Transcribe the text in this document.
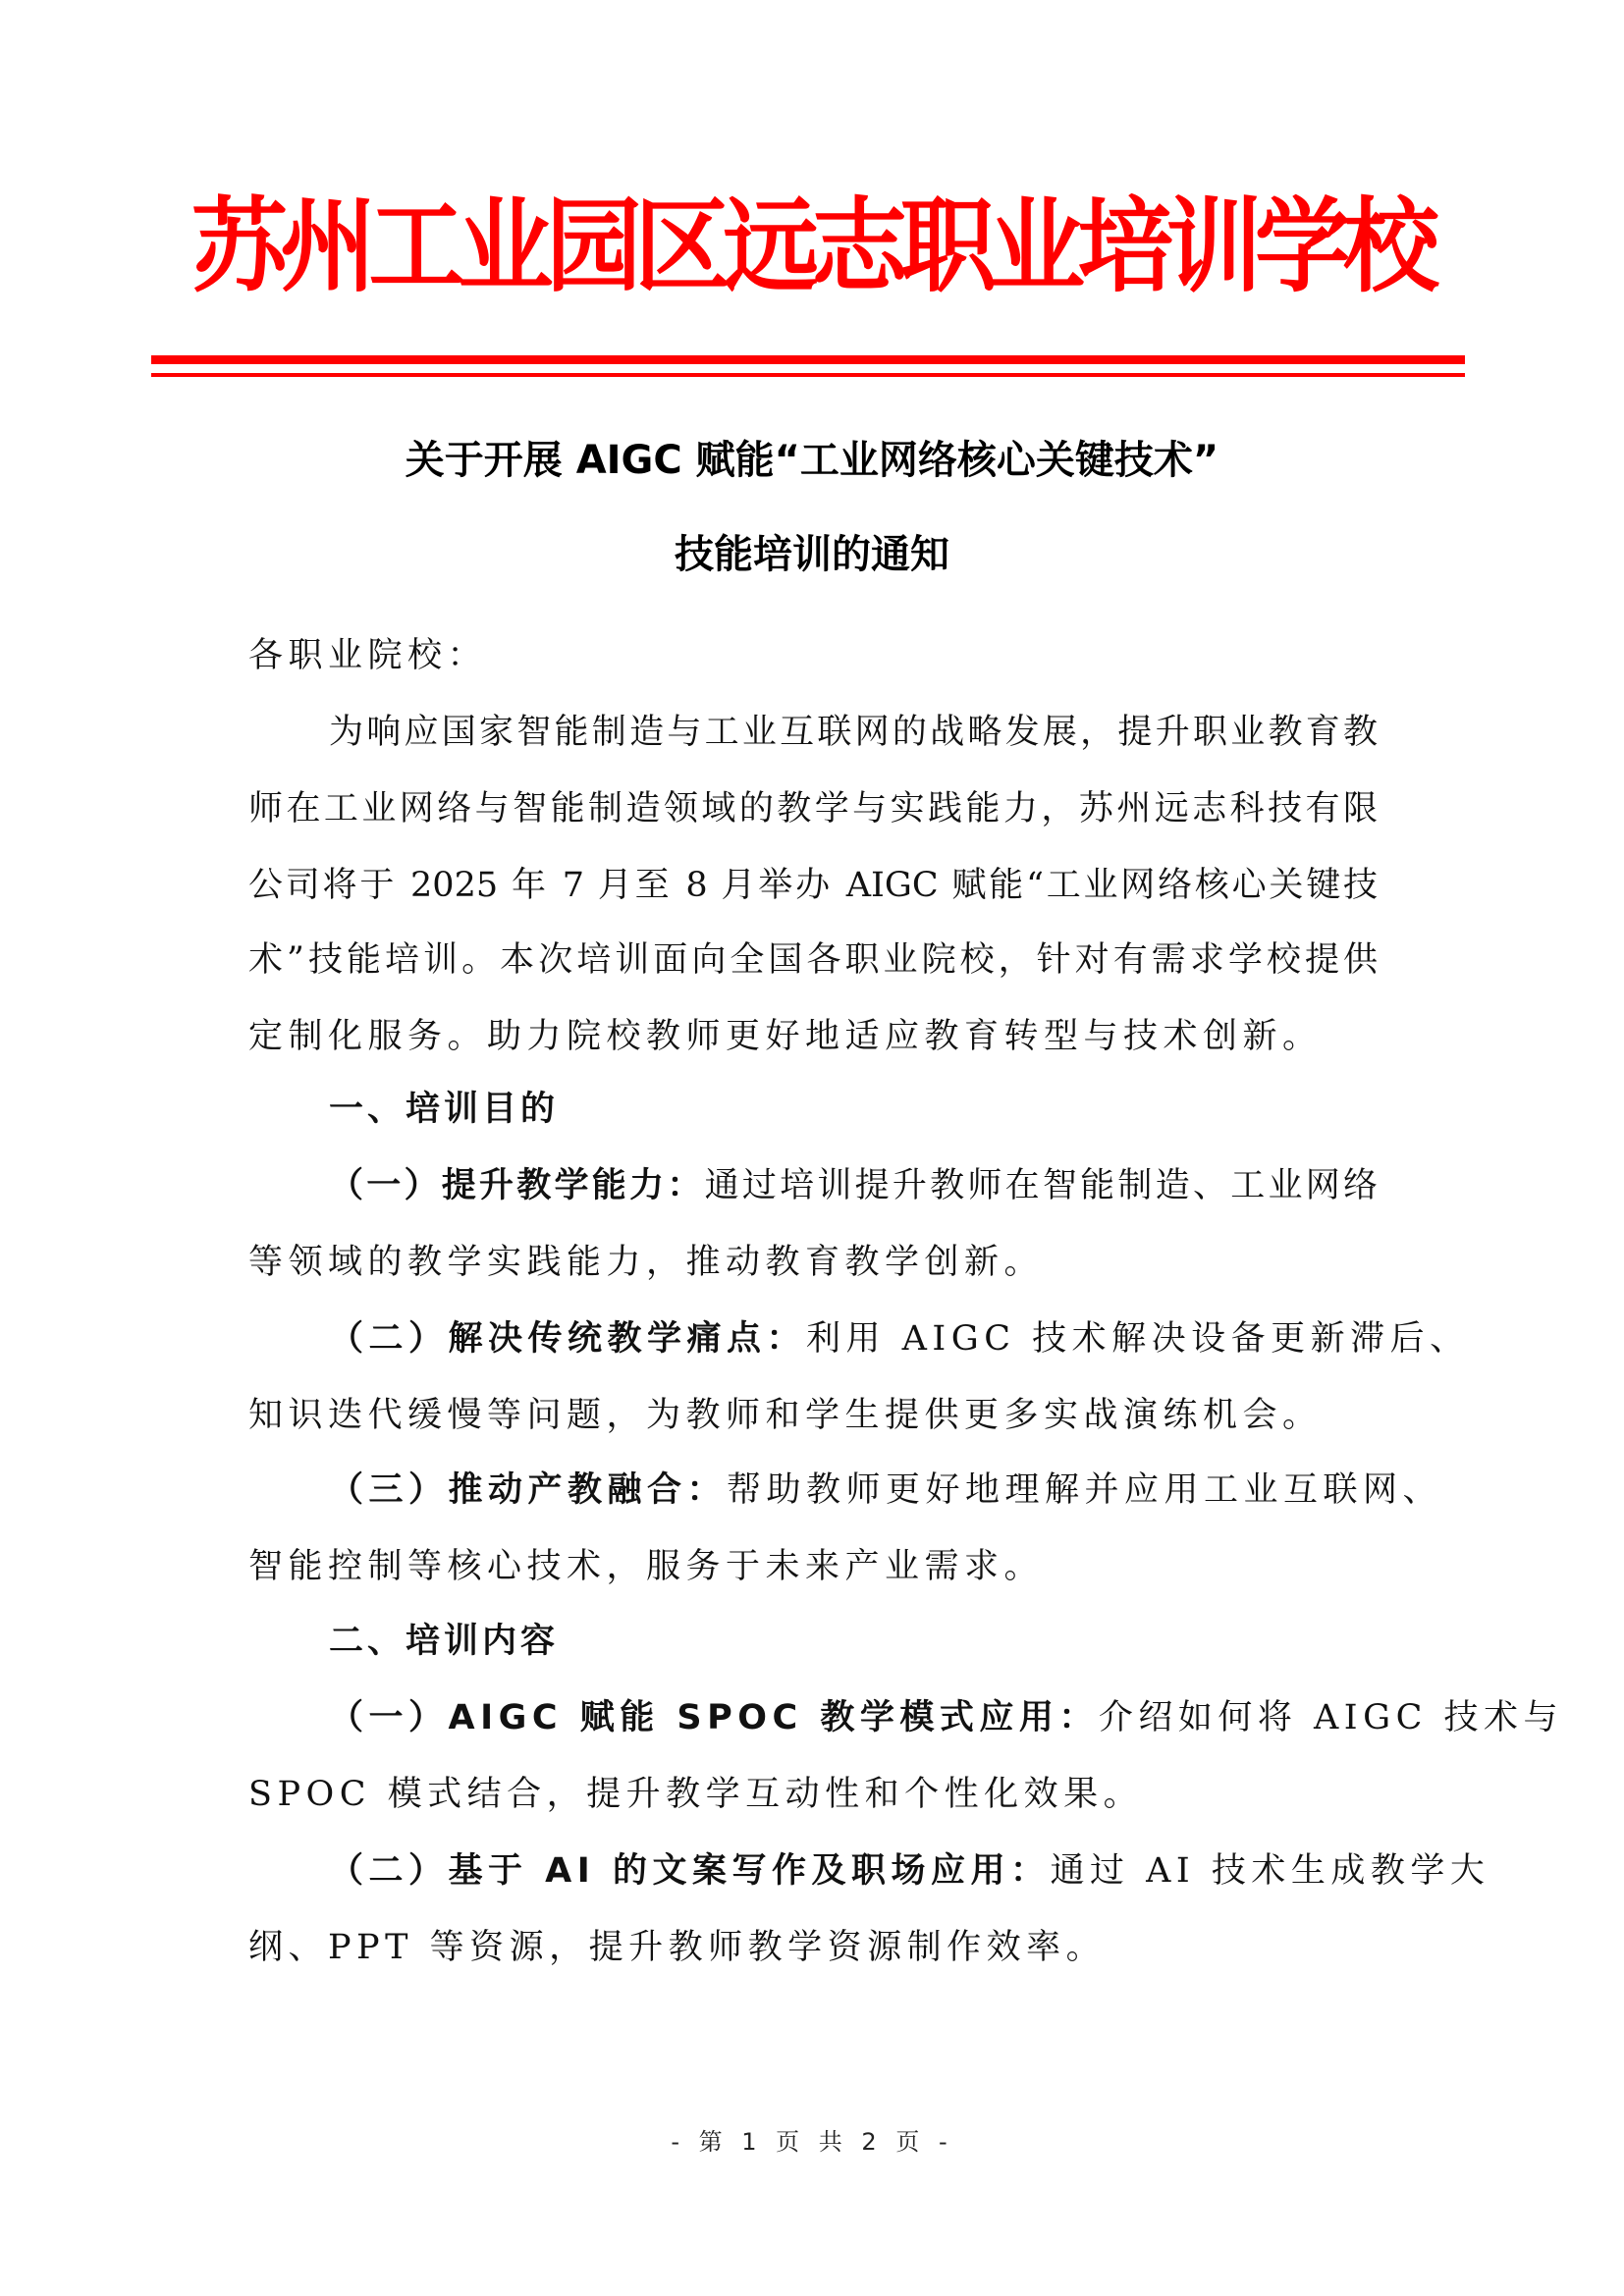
苏州工业园区远志职业培训学校
关于开展 AIGC 赋能“工业网络核心关键技术”
技能培训的通知
各职业院校：
为响应国家智能制造与工业互联网的战略发展，提升职业教育教
师在工业网络与智能制造领域的教学与实践能力，苏州远志科技有限
公司将于 2025 年 7 月至 8 月举办 AIGC 赋能“工业网络核心关键技
术”技能培训。本次培训面向全国各职业院校，针对有需求学校提供
定制化服务。助力院校教师更好地适应教育转型与技术创新。
一、培训目的
（一）提升教学能力：通过培训提升教师在智能制造、工业网络
等领域的教学实践能力，推动教育教学创新。
（二）解决传统教学痛点：利用 AIGC 技术解决设备更新滞后、
知识迭代缓慢等问题，为教师和学生提供更多实战演练机会。
（三）推动产教融合：帮助教师更好地理解并应用工业互联网、
智能控制等核心技术，服务于未来产业需求。
二、培训内容
（一）AIGC 赋能 SPOC 教学模式应用：介绍如何将 AIGC 技术与
SPOC 模式结合，提升教学互动性和个性化效果。
（二）基于 AI 的文案写作及职场应用：通过 AI 技术生成教学大
纲、PPT 等资源，提升教师教学资源制作效率。
- 第 1 页 共 2 页 -
